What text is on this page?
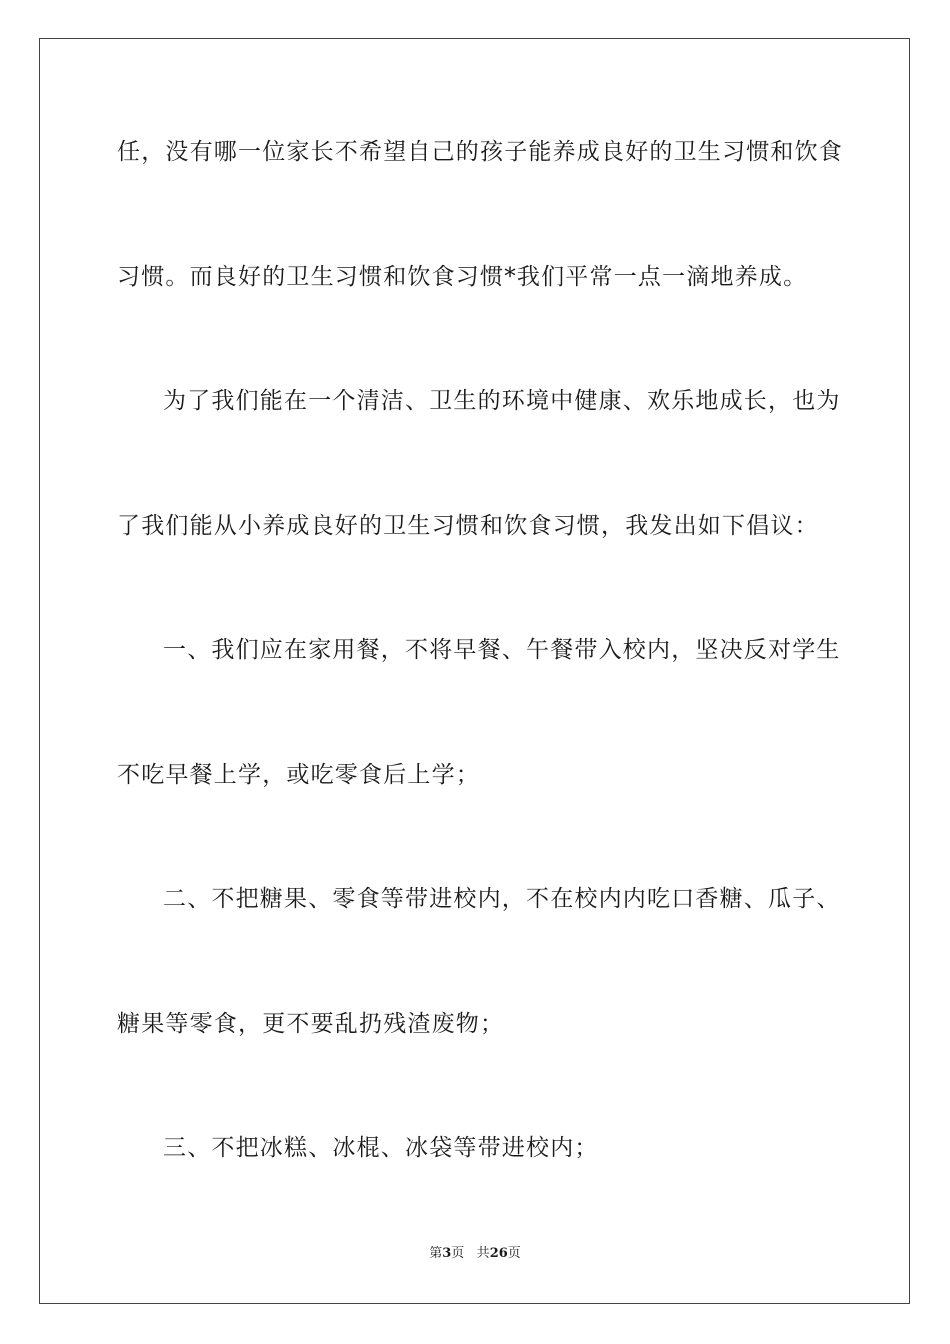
任，没有哪一位家长不希望自己的孩子能养成良好的卫生习惯和饮食
习惯。而良好的卫生习惯和饮食习惯*我们平常一点一滴地养成。
为了我们能在一个清洁、卫生的环境中健康、欢乐地成长，也为
了我们能从小养成良好的卫生习惯和饮食习惯，我发出如下倡议：
一、我们应在家用餐，不将早餐、午餐带入校内，坚决反对学生
不吃早餐上学，或吃零食后上学；
二、不把糖果、零食等带进校内，不在校内内吃口香糖、瓜子、
糖果等零食，更不要乱扔残渣废物；
三、不把冰糕、冰棍、冰袋等带进校内；
第3页 共26页
